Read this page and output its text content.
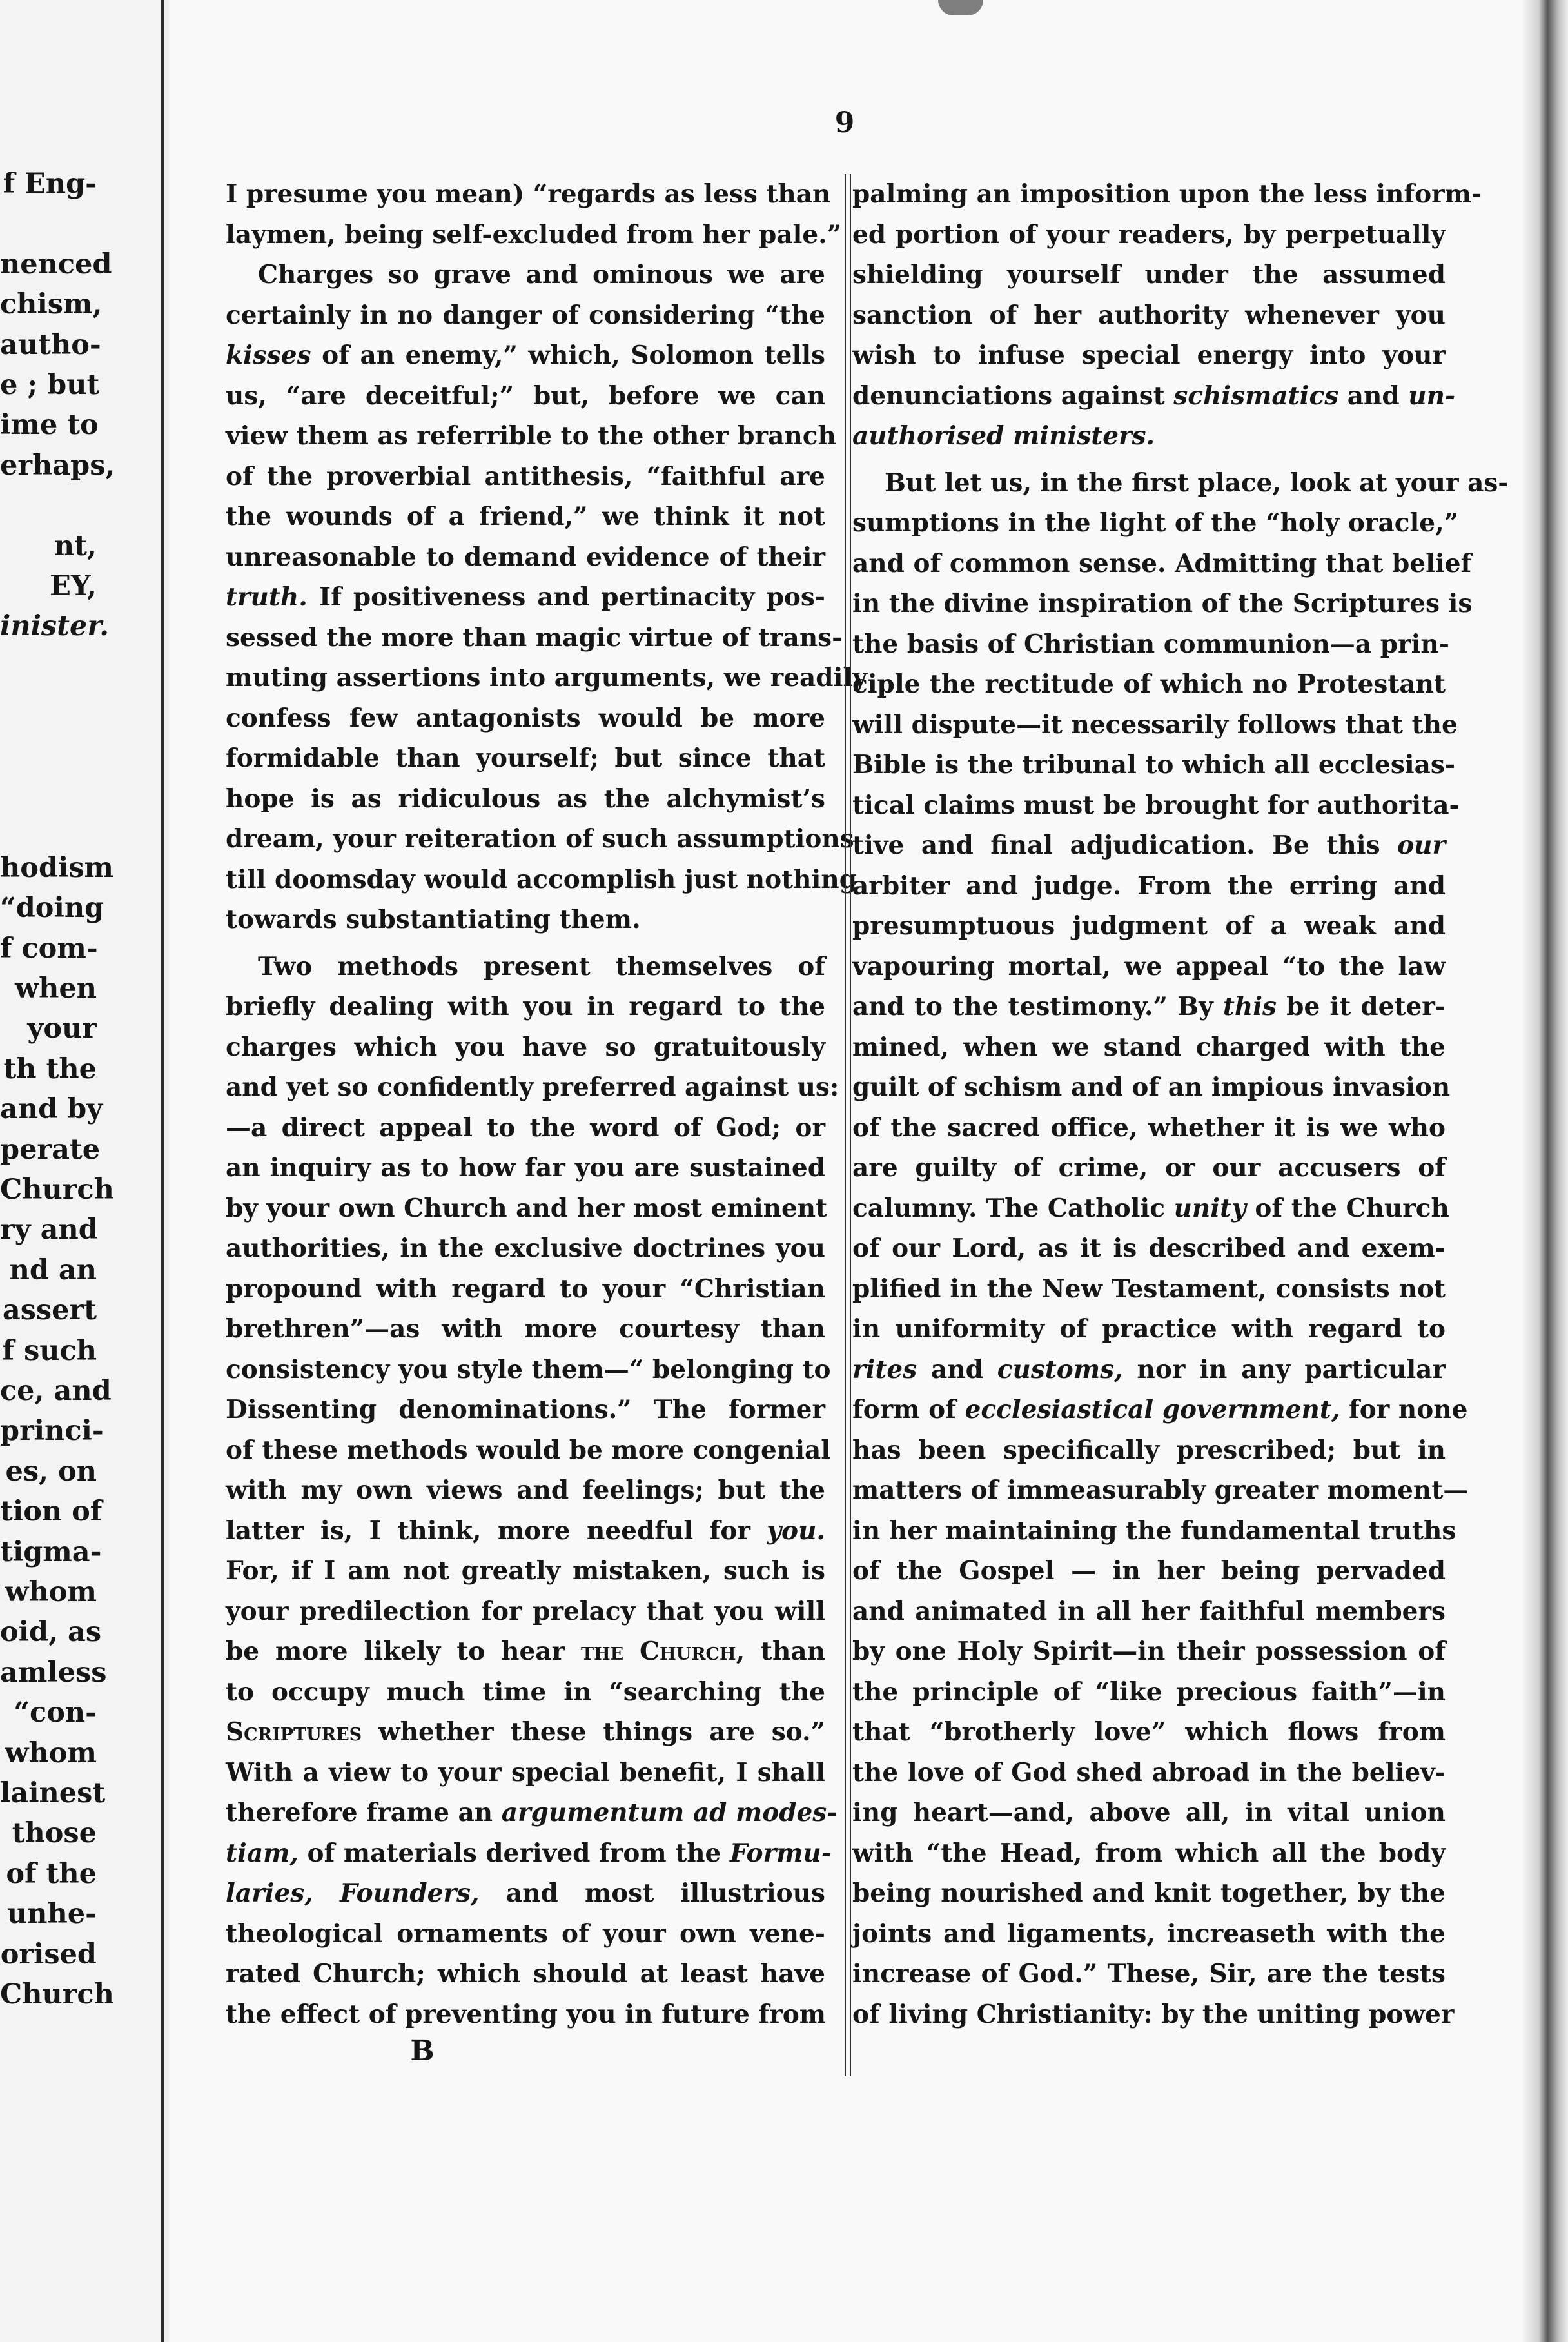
f Eng-
nenced
chism,
autho-
e ; but
ime to
erhaps,
nt,
EY,
inister.
hodism
“doing
f com-
when
your
th the
and by
perate
Church
ry and
nd an
assert
f such
ce, and
princi-
es, on
tion of
tigma-
whom
oid, as
amless
“con-
whom
lainest
those
of the
unhe-
orised
Church
9
I presume you mean) “regards as less than
laymen, being self-excluded from her pale.”
Charges so grave and ominous we are
certainly in no danger of considering “the
kisses of an enemy,” which, Solomon tells
us, “are deceitful;” but, before we can
view them as referrible to the other branch
of the proverbial antithesis, “faithful are
the wounds of a friend,” we think it not
unreasonable to demand evidence of their
truth. If positiveness and pertinacity pos-
sessed the more than magic virtue of trans-
muting assertions into arguments, we readily
confess few antagonists would be more
formidable than yourself; but since that
hope is as ridiculous as the alchymist’s
dream, your reiteration of such assumptions
till doomsday would accomplish just nothing
towards substantiating them.
Two methods present themselves of
briefly dealing with you in regard to the
charges which you have so gratuitously
and yet so confidently preferred against us:
—a direct appeal to the word of God; or
an inquiry as to how far you are sustained
by your own Church and her most eminent
authorities, in the exclusive doctrines you
propound with regard to your “Christian
brethren”—as with more courtesy than
consistency you style them—“ belonging to
Dissenting denominations.” The former
of these methods would be more congenial
with my own views and feelings; but the
latter is, I think, more needful for you.
For, if I am not greatly mistaken, such is
your predilection for prelacy that you will
be more likely to hear the Church, than
to occupy much time in “searching the
Scriptures whether these things are so.”
With a view to your special benefit, I shall
therefore frame an argumentum ad modes-
tiam, of materials derived from the Formu-
laries, Founders, and most illustrious
theological ornaments of your own vene-
rated Church; which should at least have
the effect of preventing you in future from
palming an imposition upon the less inform-
ed portion of your readers, by perpetually
shielding yourself under the assumed
sanction of her authority whenever you
wish to infuse special energy into your
denunciations against schismatics and un-
authorised ministers.
But let us, in the first place, look at your as-
sumptions in the light of the “holy oracle,”
and of common sense. Admitting that belief
in the divine inspiration of the Scriptures is
the basis of Christian communion—a prin-
ciple the rectitude of which no Protestant
will dispute—it necessarily follows that the
Bible is the tribunal to which all ecclesias-
tical claims must be brought for authorita-
tive and final adjudication. Be this our
arbiter and judge. From the erring and
presumptuous judgment of a weak and
vapouring mortal, we appeal “to the law
and to the testimony.” By this be it deter-
mined, when we stand charged with the
guilt of schism and of an impious invasion
of the sacred office, whether it is we who
are guilty of crime, or our accusers of
calumny. The Catholic unity of the Church
of our Lord, as it is described and exem-
plified in the New Testament, consists not
in uniformity of practice with regard to
rites and customs, nor in any particular
form of ecclesiastical government, for none
has been specifically prescribed; but in
matters of immeasurably greater moment—
in her maintaining the fundamental truths
of the Gospel — in her being pervaded
and animated in all her faithful members
by one Holy Spirit—in their possession of
the principle of “like precious faith”—in
that “brotherly love” which flows from
the love of God shed abroad in the believ-
ing heart—and, above all, in vital union
with “the Head, from which all the body
being nourished and knit together, by the
joints and ligaments, increaseth with the
increase of God.” These, Sir, are the tests
of living Christianity: by the uniting power
B
